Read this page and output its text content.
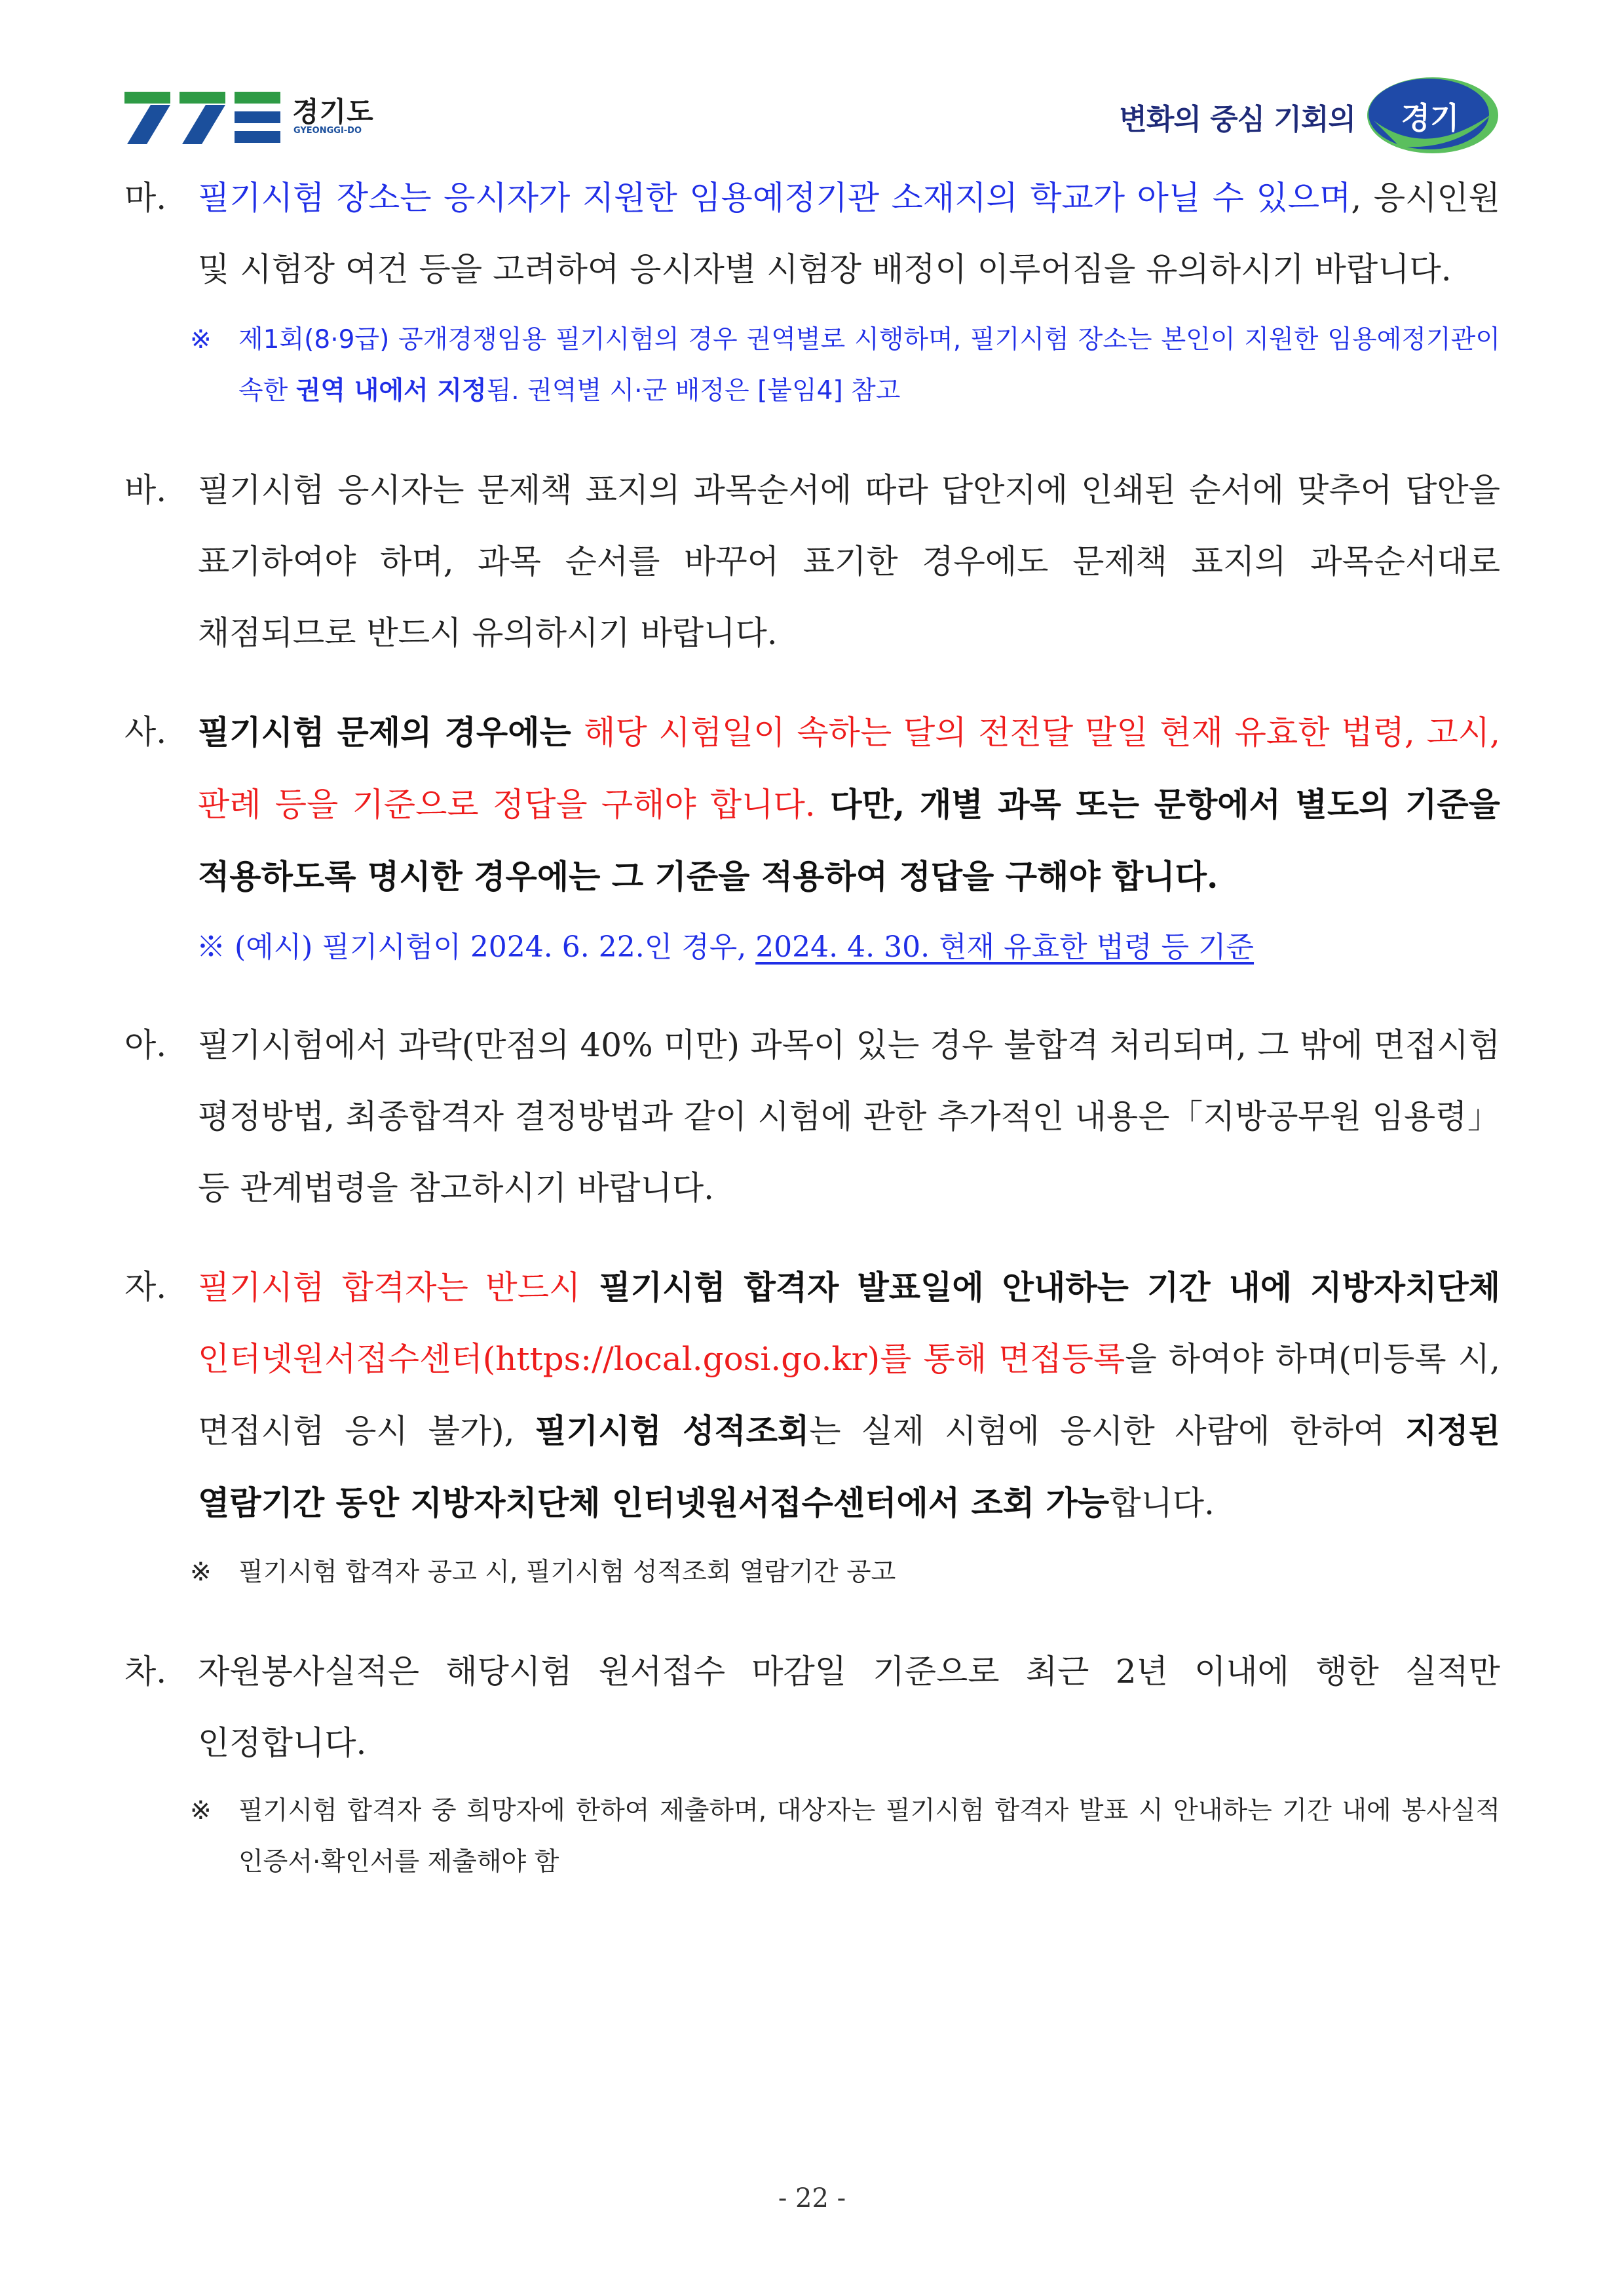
경기도
GYEONGGI-DO	변화의 중심 기회의	경기
마. 필기시험 장소는 응시자가 지원한 임용예정기관 소재지의 학교가 아닐 수 있으며, 응시인원 및 시험장 여건 등을 고려하여 응시자별 시험장 배정이 이루어짐을 유의하시기 바랍니다.
※ 제1회(8·9급) 공개경쟁임용 필기시험의 경우 권역별로 시행하며, 필기시험 장소는 본인이 지원한 임용예정기관이 속한 권역 내에서 지정됨. 권역별 시·군 배정은 [붙임4] 참고
바. 필기시험 응시자는 문제책 표지의 과목순서에 따라 답안지에 인쇄된 순서에 맞추어 답안을 표기하여야 하며, 과목 순서를 바꾸어 표기한 경우에도 문제책 표지의 과목순서대로 채점되므로 반드시 유의하시기 바랍니다.
사. 필기시험 문제의 경우에는 해당 시험일이 속하는 달의 전전달 말일 현재 유효한 법령, 고시, 판례 등을 기준으로 정답을 구해야 합니다. 다만, 개별 과목 또는 문항에서 별도의 기준을 적용하도록 명시한 경우에는 그 기준을 적용하여 정답을 구해야 합니다.
※ (예시) 필기시험이 2024. 6. 22.인 경우, 2024. 4. 30. 현재 유효한 법령 등 기준
아. 필기시험에서 과락(만점의 40% 미만) 과목이 있는 경우 불합격 처리되며, 그 밖에 면접시험 평정방법, 최종합격자 결정방법과 같이 시험에 관한 추가적인 내용은「지방공무원 임용령」등 관계법령을 참고하시기 바랍니다.
자. 필기시험 합격자는 반드시 필기시험 합격자 발표일에 안내하는 기간 내에 지방자치단체 인터넷원서접수센터(https://local.gosi.go.kr)를 통해 면접등록을 하여야 하며(미등록 시, 면접시험 응시 불가), 필기시험 성적조회는 실제 시험에 응시한 사람에 한하여 지정된 열람기간 동안 지방자치단체 인터넷원서접수센터에서 조회 가능합니다.
※ 필기시험 합격자 공고 시, 필기시험 성적조회 열람기간 공고
차. 자원봉사실적은 해당시험 원서접수 마감일 기준으로 최근 2년 이내에 행한 실적만 인정합니다.
※ 필기시험 합격자 중 희망자에 한하여 제출하며, 대상자는 필기시험 합격자 발표 시 안내하는 기간 내에 봉사실적 인증서·확인서를 제출해야 함
- 22 -
